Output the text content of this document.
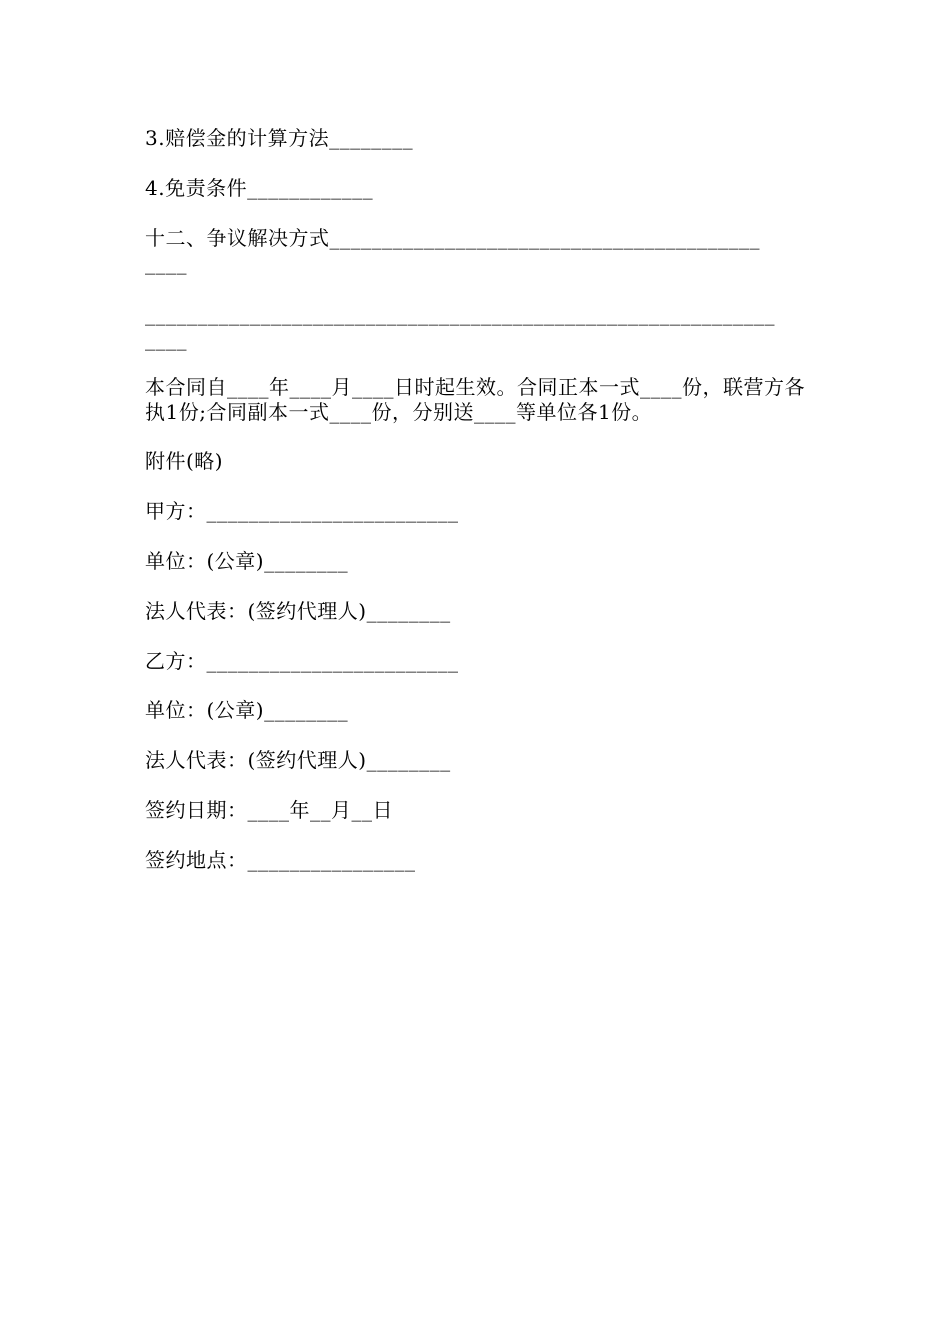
3.赔偿金的计算方法________
4.免责条件____________
十二、争议解决方式_________________________________________
____
____________________________________________________________
____
本合同自____年____月____日时起生效。合同正本一式____份，联营方各执1份;合同副本一式____份，分别送____等单位各1份。
附件(略)
甲方：________________________
单位：(公章)________
法人代表：(签约代理人)________
乙方：________________________
单位：(公章)________
法人代表：(签约代理人)________
签约日期：____年__月__日
签约地点：________________
